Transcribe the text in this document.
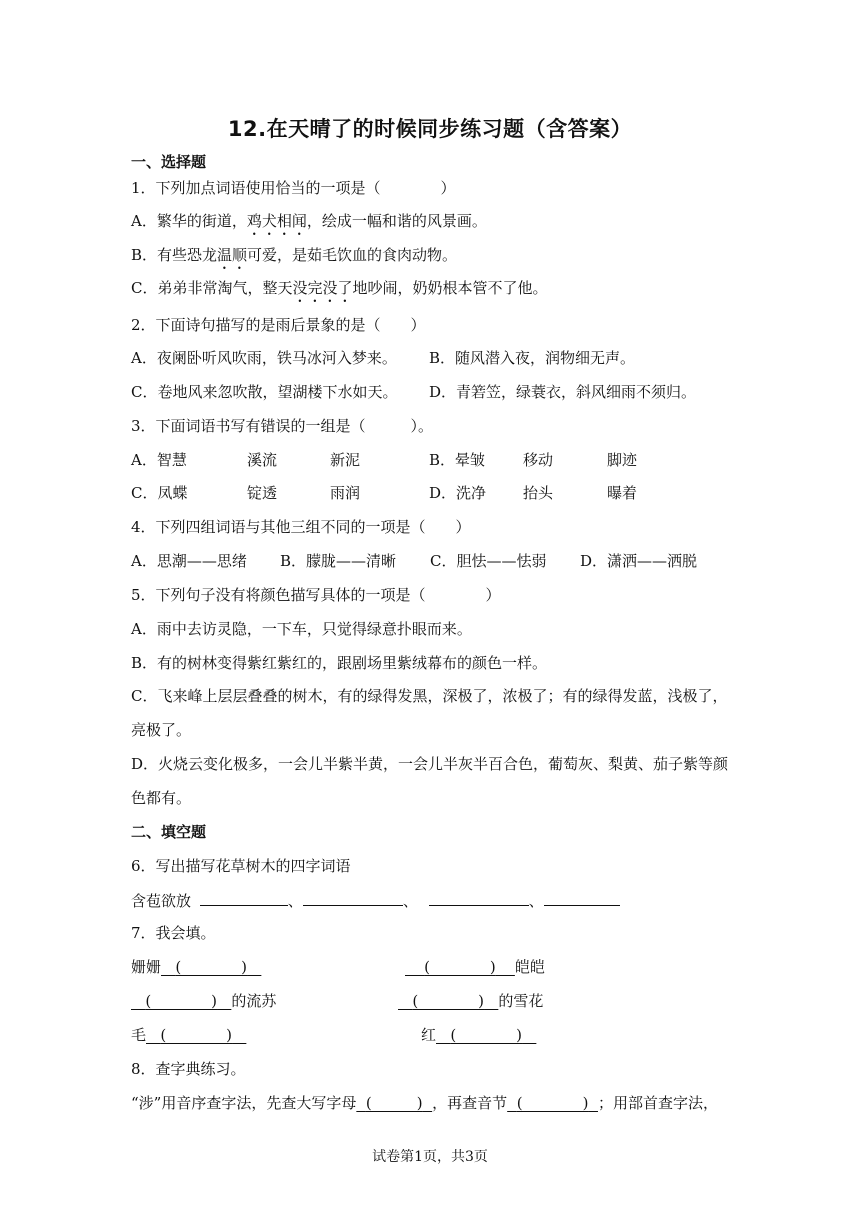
12.在天晴了的时候同步练习题（含答案）
一、选择题
1．下列加点词语使用恰当的一项是（　　　　）
A．繁华的街道，鸡犬相闻，绘成一幅和谐的风景画。
B．有些恐龙温顺可爱，是茹毛饮血的食肉动物。
C．弟弟非常淘气，整天没完没了地吵闹，奶奶根本管不了他。
2．下面诗句描写的是雨后景象的是（　　）
A．夜阑卧听风吹雨，铁马冰河入梦来。 B．随风潜入夜，润物细无声。
C．卷地风来忽吹散，望湖楼下水如天。 D．青箬笠，绿蓑衣，斜风细雨不须归。
3．下面词语书写有错误的一组是（　　　）。
A．智慧	溪流	新泥	B．晕皱	移动	脚迹
C．凤蝶	锭透	雨润	D．洗净 抬头	曝着
4．下列四组词语与其他三组不同的一项是（　　）
A．思潮——思绪 B．朦胧——清晰 C．胆怯——怯弱 D．潇洒——洒脱
5．下列句子没有将颜色描写具体的一项是（　　　　）
A．雨中去访灵隐，一下车，只觉得绿意扑眼而来。
B．有的树林变得紫红紫红的，跟剧场里紫绒幕布的颜色一样。
C．飞来峰上层层叠叠的树木，有的绿得发黑，深极了，浓极了；有的绿得发蓝，浅极了，
亮极了。
D．火烧云变化极多，一会儿半紫半黄，一会儿半灰半百合色，葡萄灰、梨黄、茄子紫等颜
色都有。
二、填空题
6．写出描写花草树木的四字词语
含苞欲放	、	、	、
7．我会填。
姗姗 (　　　　)	(　　　　) 皑皑
(　　　　) 的流苏	(　　　　) 的雪花
毛 (　　　　)	红 (　　　　)
8．查字典练习。
“涉”用音序查字法，先查大写字母 (　　　) ，再查音节 (　　　　) ；用部首查字法，
试卷第1页，共3页
